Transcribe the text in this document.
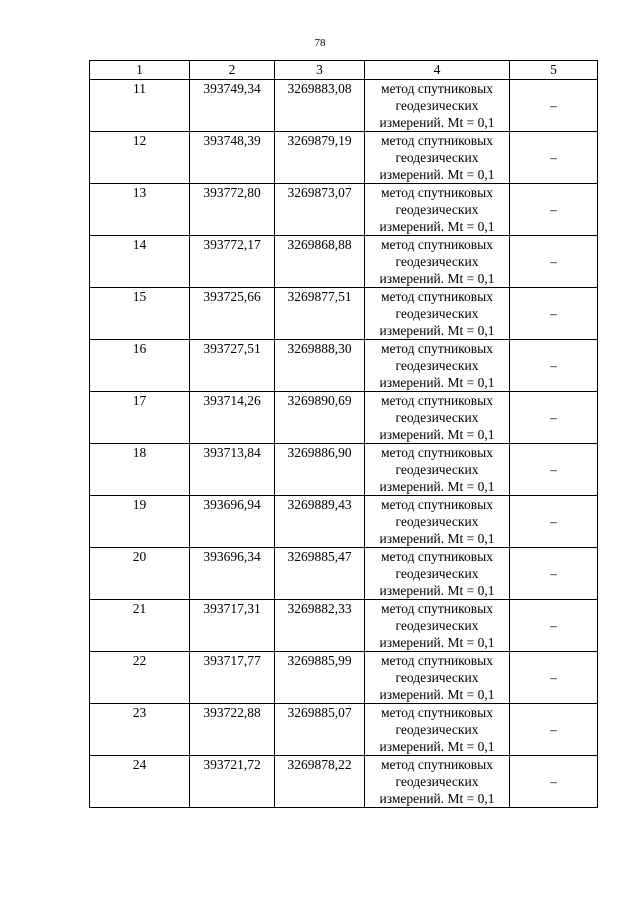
78
1	2	3	4	5
11	393749,34	3269883,08	метод спутниковых
геодезических
измерений. Mt = 0,1	–
12	393748,39	3269879,19	метод спутниковых
геодезических
измерений. Mt = 0,1	–
13	393772,80	3269873,07	метод спутниковых
геодезических
измерений. Mt = 0,1	–
14	393772,17	3269868,88	метод спутниковых
геодезических
измерений. Mt = 0,1	–
15	393725,66	3269877,51	метод спутниковых
геодезических
измерений. Mt = 0,1	–
16	393727,51	3269888,30	метод спутниковых
геодезических
измерений. Mt = 0,1	–
17	393714,26	3269890,69	метод спутниковых
геодезических
измерений. Mt = 0,1	–
18	393713,84	3269886,90	метод спутниковых
геодезических
измерений. Mt = 0,1	–
19	393696,94	3269889,43	метод спутниковых
геодезических
измерений. Mt = 0,1	–
20	393696,34	3269885,47	метод спутниковых
геодезических
измерений. Mt = 0,1	–
21	393717,31	3269882,33	метод спутниковых
геодезических
измерений. Mt = 0,1	–
22	393717,77	3269885,99	метод спутниковых
геодезических
измерений. Mt = 0,1	–
23	393722,88	3269885,07	метод спутниковых
геодезических
измерений. Mt = 0,1	–
24	393721,72	3269878,22	метод спутниковых
геодезических
измерений. Mt = 0,1	–
